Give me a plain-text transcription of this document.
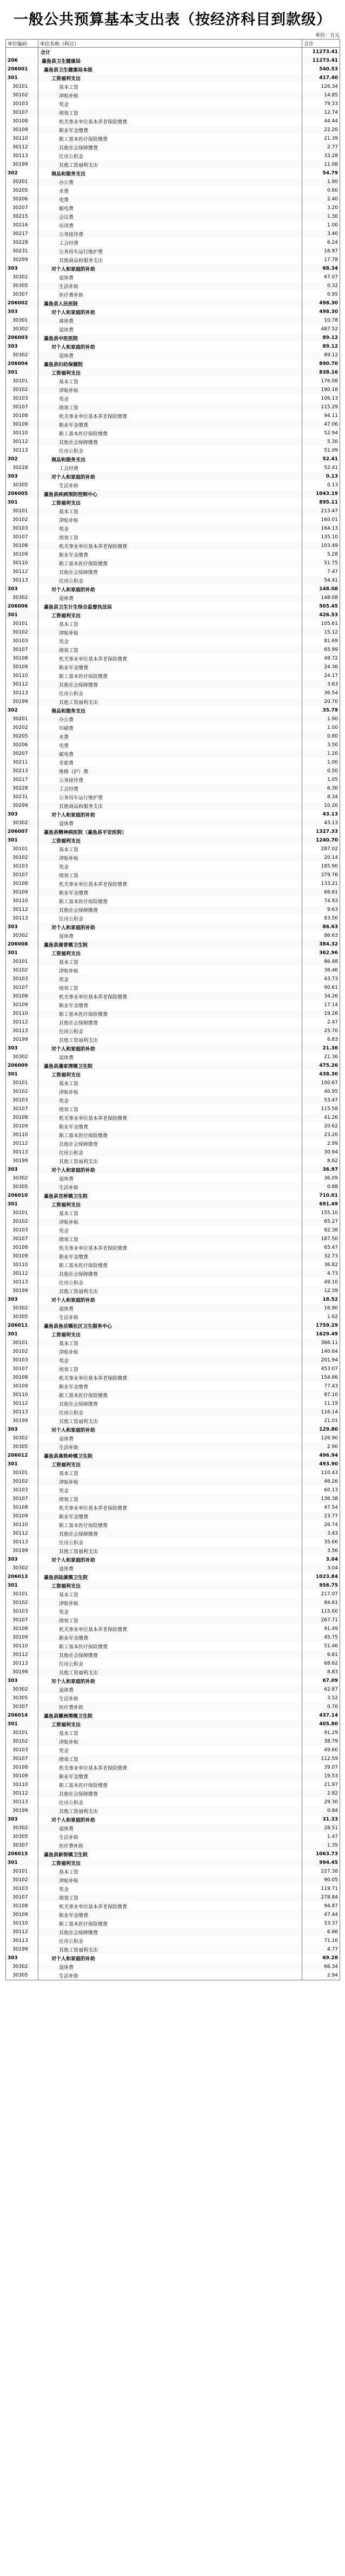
一般公共预算基本支出表（按经济科目到款级）
单位：万元
单位编码	单位名称（科目）	合计
	合计	11273.41
206	嘉鱼县卫生健康局	11273.41
206001	嘉鱼县卫生健康局本级	540.53
301	工资福利支出	417.40
30101	基本工资	126.34
30102	津贴补贴	14.85
30103	奖金	79.33
30107	绩效工资	12.74
30108	机关事业单位基本养老保险缴费	44.44
30109	职业年金缴费	22.20
30110	职工基本医疗保险缴费	21.39
30112	其他社会保障缴费	2.77
30113	住房公积金	33.28
30199	其他工资福利支出	11.08
302	商品和服务支出	54.79
30201	办公费	1.90
30205	水费	0.60
30206	电费	2.40
30207	邮电费	3.20
30215	会议费	1.30
30216	培训费	1.00
30217	公务接待费	3.40
30228	工会经费	6.24
30231	公务用车运行维护费	16.97
30299	其他商品和服务支出	17.78
303	对个人和家庭的补助	68.34
30302	退休费	67.07
30305	生活补助	0.32
30307	医疗费补助	0.95
206002	嘉鱼县人民医院	498.30
303	对个人和家庭的补助	498.30
30301	离休费	10.78
30302	退休费	487.52
206003	嘉鱼县中医医院	89.12
303	对个人和家庭的补助	89.12
30302	退休费	89.12
206004	嘉鱼县妇幼保健院	890.70
301	工资福利支出	838.16
30101	基本工资	176.08
30102	津贴补贴	190.18
30103	奖金	106.13
30107	绩效工资	115.29
30108	机关事业单位基本养老保险缴费	94.11
30109	职业年金缴费	47.06
30110	职工基本医疗保险缴费	52.94
30112	其他社会保障缴费	5.30
30113	住房公积金	51.09
302	商品和服务支出	52.41
30228	工会经费	52.41
303	对个人和家庭的补助	0.13
30305	生活补助	0.13
206005	嘉鱼县疾病预防控制中心	1043.19
301	工资福利支出	895.11
30101	基本工资	213.47
30102	津贴补贴	160.01
30103	奖金	164.13
30107	绩效工资	135.10
30108	机关事业单位基本养老保险缴费	103.49
30109	职业年金缴费	5.28
30110	职工基本医疗保险缴费	51.75
30112	其他社会保障缴费	7.47
30113	住房公积金	54.41
303	对个人和家庭的补助	148.08
30302	退休费	148.08
206006	嘉鱼县卫生计生综合监督执法局	505.45
301	工资福利支出	426.53
30101	基本工资	105.61
30102	津贴补贴	15.12
30103	奖金	81.69
30107	绩效工资	65.99
30108	机关事业单位基本养老保险缴费	48.72
30109	职业年金缴费	24.36
30110	职工基本医疗保险缴费	24.17
30112	其他社会保障缴费	3.63
30113	住房公积金	36.54
30199	其他工资福利支出	20.70
302	商品和服务支出	35.79
30201	办公费	1.90
30202	印刷费	1.00
30205	水费	0.80
30206	电费	3.50
30207	邮电费	1.20
30211	差旅费	1.00
30213	维修（护）费	0.50
30217	公务接待费	1.05
30228	工会经费	6.30
30231	公务用车运行维护费	8.34
30299	其他商品和服务支出	10.20
303	对个人和家庭的补助	43.13
30302	退休费	43.13
206007	嘉鱼县精神病医院（嘉鱼县平安医院）	1327.33
301	工资福利支出	1240.70
30101	基本工资	287.02
30102	津贴补贴	20.14
30103	奖金	185.90
30107	绩效工资	379.76
30108	机关事业单位基本养老保险缴费	133.21
30109	职业年金缴费	66.61
30110	职工基本医疗保险缴费	74.93
30112	其他社会保障缴费	9.63
30113	住房公积金	83.50
303	对个人和家庭的补助	86.63
30302	退休费	86.63
206008	嘉鱼县渡普镇卫生院	384.32
301	工资福利支出	362.96
30101	基本工资	86.48
30102	津贴补贴	36.46
30103	奖金	43.73
30107	绩效工资	90.61
30108	机关事业单位基本养老保险缴费	34.26
30109	职业年金缴费	17.14
30110	职工基本医疗保险缴费	19.28
30112	其他社会保障缴费	2.47
30113	住房公积金	25.70
30199	其他工资福利支出	6.83
303	对个人和家庭的补助	21.36
30302	退休费	21.36
206009	嘉鱼县潘家湾镇卫生院	475.26
301	工资福利支出	438.30
30101	基本工资	100.67
30102	津贴补贴	40.95
30103	奖金	53.47
30107	绩效工资	115.58
30108	机关事业单位基本养老保险缴费	41.26
30109	职业年金缴费	20.62
30110	职工基本医疗保险缴费	23.20
30112	其他社会保障缴费	2.99
30113	住房公积金	30.94
30199	其他工资福利支出	8.62
303	对个人和家庭的补助	36.97
30302	退休费	36.09
30305	生活补助	0.88
206010	嘉鱼县官桥镇卫生院	710.01
301	工资福利支出	691.49
30101	基本工资	155.10
30102	津贴补贴	65.27
30103	奖金	82.38
30107	绩效工资	187.50
30108	机关事业单位基本养老保险缴费	65.47
30109	职业年金缴费	32.73
30110	职工基本医疗保险缴费	36.82
30112	其他社会保障缴费	4.73
30113	住房公积金	49.10
30199	其他工资福利支出	12.39
303	对个人和家庭的补助	18.52
30302	退休费	16.90
30305	生活补助	1.62
206011	嘉鱼县鱼岳镇社区卫生服务中心	1759.29
301	工资福利支出	1629.49
30101	基本工资	366.11
30102	津贴补贴	140.64
30103	奖金	201.94
30107	绩效工资	453.07
30108	机关事业单位基本养老保险缴费	154.86
30109	职业年金缴费	77.43
30110	职工基本医疗保险缴费	87.10
30112	其他社会保障缴费	11.19
30113	住房公积金	116.14
30199	其他工资福利支出	21.01
303	对个人和家庭的补助	129.80
30302	退休费	126.90
30305	生活补助	2.90
206012	嘉鱼县高铁岭镇卫生院	496.94
301	工资福利支出	493.90
30101	基本工资	110.43
30102	津贴补贴	46.26
30103	奖金	60.13
30107	绩效工资	136.38
30108	机关事业单位基本养老保险缴费	47.54
30109	职业年金缴费	23.77
30110	职工基本医疗保险缴费	26.74
30112	其他社会保障缴费	3.43
30113	住房公积金	35.66
30199	其他工资福利支出	3.56
303	对个人和家庭的补助	3.04
30302	退休费	3.04
206013	嘉鱼县陆溪镇卫生院	1023.84
301	工资福利支出	956.75
30101	基本工资	217.07
30102	津贴补贴	84.61
30103	奖金	115.60
30107	绩效工资	267.71
30108	机关事业单位基本养老保险缴费	91.49
30109	职业年金缴费	45.75
30110	职工基本医疗保险缴费	51.46
30112	其他社会保障缴费	6.61
30113	住房公积金	68.62
30199	其他工资福利支出	8.83
303	对个人和家庭的补助	67.09
30302	退休费	62.87
30305	生活补助	3.52
30307	医疗费补助	0.70
206014	嘉鱼县簰洲湾镇卫生院	437.14
301	工资福利支出	405.80
30101	基本工资	91.29
30102	津贴补贴	38.79
30103	奖金	49.60
30107	绩效工资	112.59
30108	机关事业单位基本养老保险缴费	39.07
30109	职业年金缴费	19.53
30110	职工基本医疗保险缴费	21.97
30112	其他社会保障缴费	2.82
30113	住房公积金	29.30
30199	其他工资福利支出	0.84
303	对个人和家庭的补助	31.33
30302	退休费	28.51
30305	生活补助	1.47
30307	医疗费补助	1.35
206015	嘉鱼县新街镇卫生院	1063.73
301	工资福利支出	994.45
30101	基本工资	227.38
30102	津贴补贴	90.05
30103	奖金	119.71
30107	绩效工资	278.84
30108	机关事业单位基本养老保险缴费	94.87
30109	职业年金缴费	47.44
30110	职工基本医疗保险缴费	53.37
30112	其他社会保障缴费	6.86
30113	住房公积金	71.16
30199	其他工资福利支出	4.77
303	对个人和家庭的补助	69.28
30302	退休费	66.34
30305	生活补助	2.94
